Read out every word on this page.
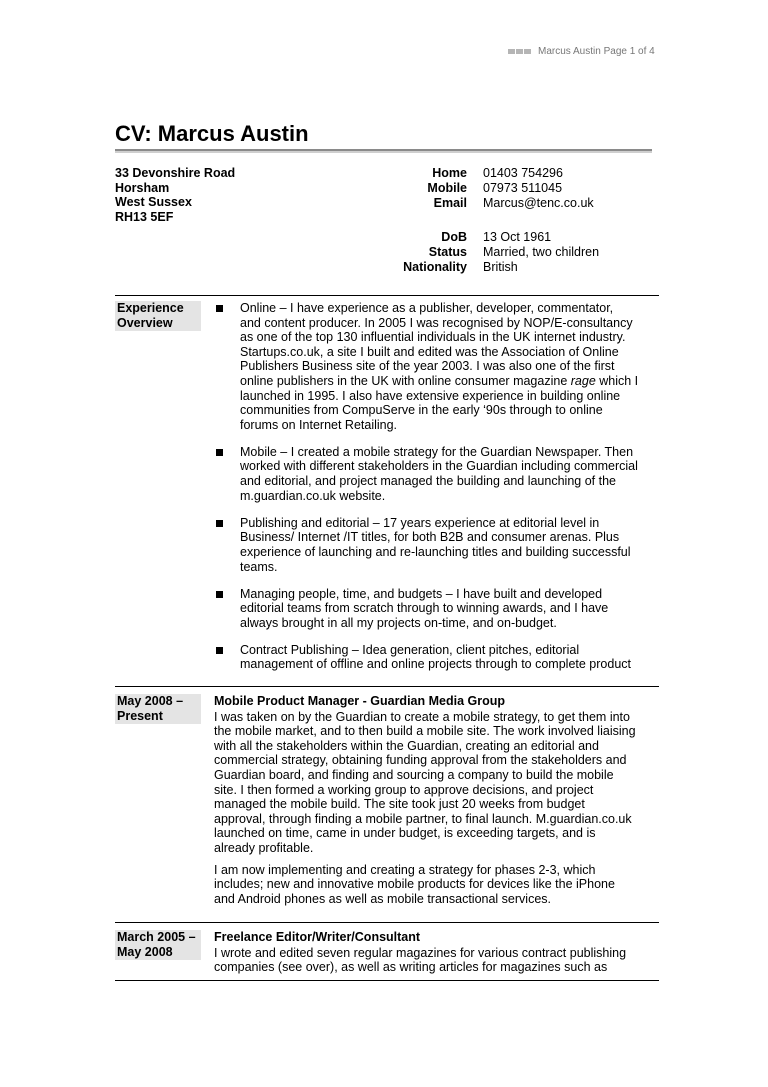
Marcus Austin Page 1 of 4
CV: Marcus Austin
33 Devonshire Road
Horsham
West Sussex
RH13 5EF
Home 01403 754296
Mobile 07973 511045
Email Marcus@tenc.co.uk
DoB 13 Oct 1961
Status Married, two children
Nationality British
Experience
Overview
Online – I have experience as a publisher, developer, commentator,
and content producer. In 2005 I was recognised by NOP/E-consultancy
as one of the top 130 influential individuals in the UK internet industry.
Startups.co.uk, a site I built and edited was the Association of Online
Publishers Business site of the year 2003. I was also one of the first
online publishers in the UK with online consumer magazine rage which I
launched in 1995. I also have extensive experience in building online
communities from CompuServe in the early ‘90s through to online
forums on Internet Retailing.
Mobile – I created a mobile strategy for the Guardian Newspaper. Then
worked with different stakeholders in the Guardian including commercial
and editorial, and project managed the building and launching of the
m.guardian.co.uk website.
Publishing and editorial – 17 years experience at editorial level in
Business/ Internet /IT titles, for both B2B and consumer arenas. Plus
experience of launching and re-launching titles and building successful
teams.
Managing people, time, and budgets – I have built and developed
editorial teams from scratch through to winning awards, and I have
always brought in all my projects on-time, and on-budget.
Contract Publishing – Idea generation, client pitches, editorial
management of offline and online projects through to complete product
May 2008 –
Present
Mobile Product Manager - Guardian Media Group
I was taken on by the Guardian to create a mobile strategy, to get them into
the mobile market, and to then build a mobile site. The work involved liaising
with all the stakeholders within the Guardian, creating an editorial and
commercial strategy, obtaining funding approval from the stakeholders and
Guardian board, and finding and sourcing a company to build the mobile
site. I then formed a working group to approve decisions, and project
managed the mobile build. The site took just 20 weeks from budget
approval, through finding a mobile partner, to final launch. M.guardian.co.uk
launched on time, came in under budget, is exceeding targets, and is
already profitable.
I am now implementing and creating a strategy for phases 2-3, which
includes; new and innovative mobile products for devices like the iPhone
and Android phones as well as mobile transactional services.
March 2005 –
May 2008
Freelance Editor/Writer/Consultant
I wrote and edited seven regular magazines for various contract publishing
companies (see over), as well as writing articles for magazines such as
